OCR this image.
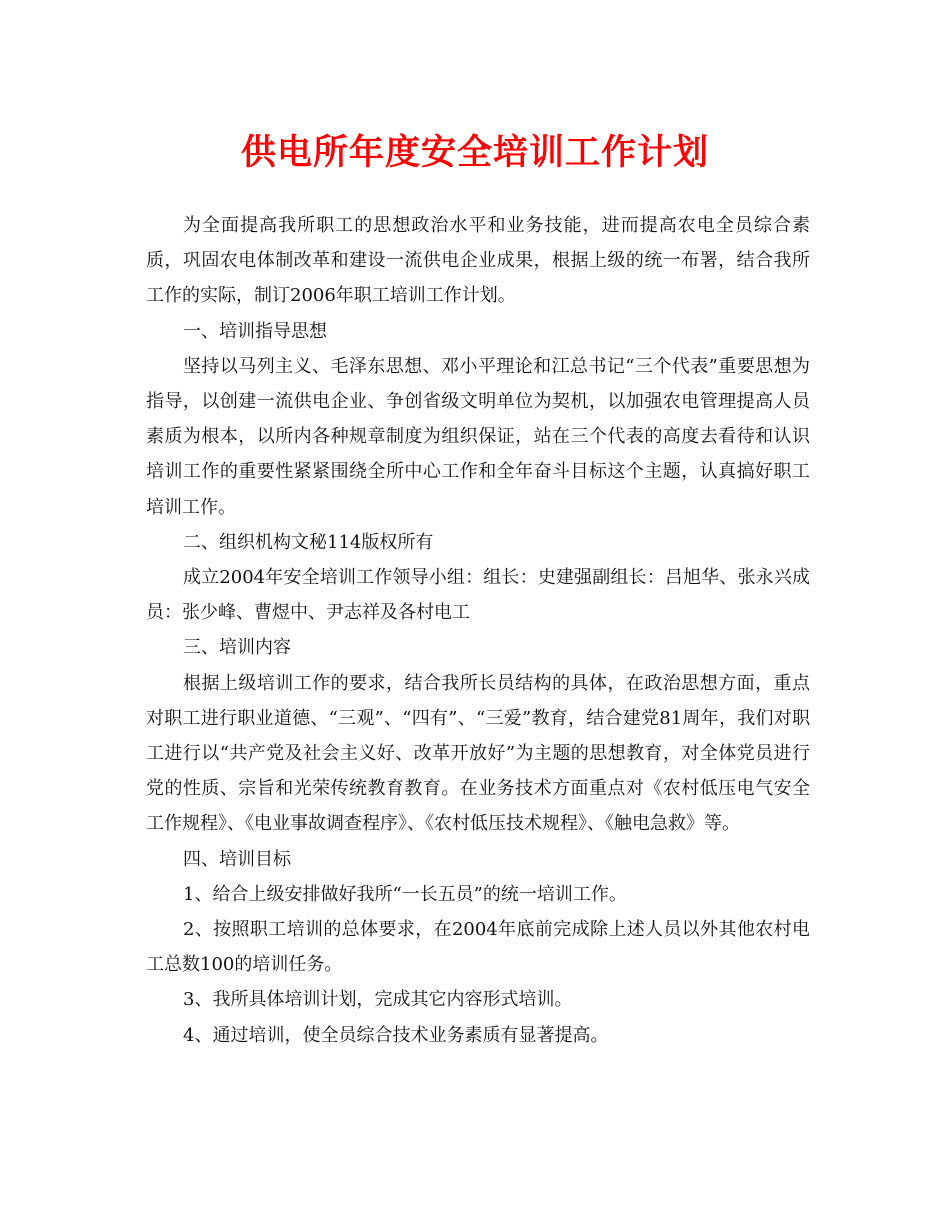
供电所年度安全培训工作计划

为全面提高我所职工的思想政治水平和业务技能，进而提高农电全员综合素质，巩固农电体制改革和建设一流供电企业成果，根据上级的统一布署，结合我所工作的实际，制订2006年职工培训工作计划。

一、培训指导思想

坚持以马列主义、毛泽东思想、邓小平理论和江总书记“三个代表”重要思想为指导，以创建一流供电企业、争创省级文明单位为契机，以加强农电管理提高人员素质为根本，以所内各种规章制度为组织保证，站在三个代表的高度去看待和认识培训工作的重要性紧紧围绕全所中心工作和全年奋斗目标这个主题，认真搞好职工培训工作。

二、组织机构文秘114版权所有

成立2004年安全培训工作领导小组：组长：史建强副组长：吕旭华、张永兴成员：张少峰、曹煜中、尹志祥及各村电工

三、培训内容

根据上级培训工作的要求，结合我所长员结构的具体，在政治思想方面，重点对职工进行职业道德、“三观”、“四有”、“三爱”教育，结合建党81周年，我们对职工进行以“共产党及社会主义好、改革开放好”为主题的思想教育，对全体党员进行党的性质、宗旨和光荣传统教育教育。在业务技术方面重点对《农村低压电气安全工作规程》、《电业事故调查程序》、《农村低压技术规程》、《触电急救》等。

四、培训目标

1、给合上级安排做好我所“一长五员”的统一培训工作。

2、按照职工培训的总体要求，在2004年底前完成除上述人员以外其他农村电工总数100的培训任务。

3、我所具体培训计划，完成其它内容形式培训。

4、通过培训，使全员综合技术业务素质有显著提高。
